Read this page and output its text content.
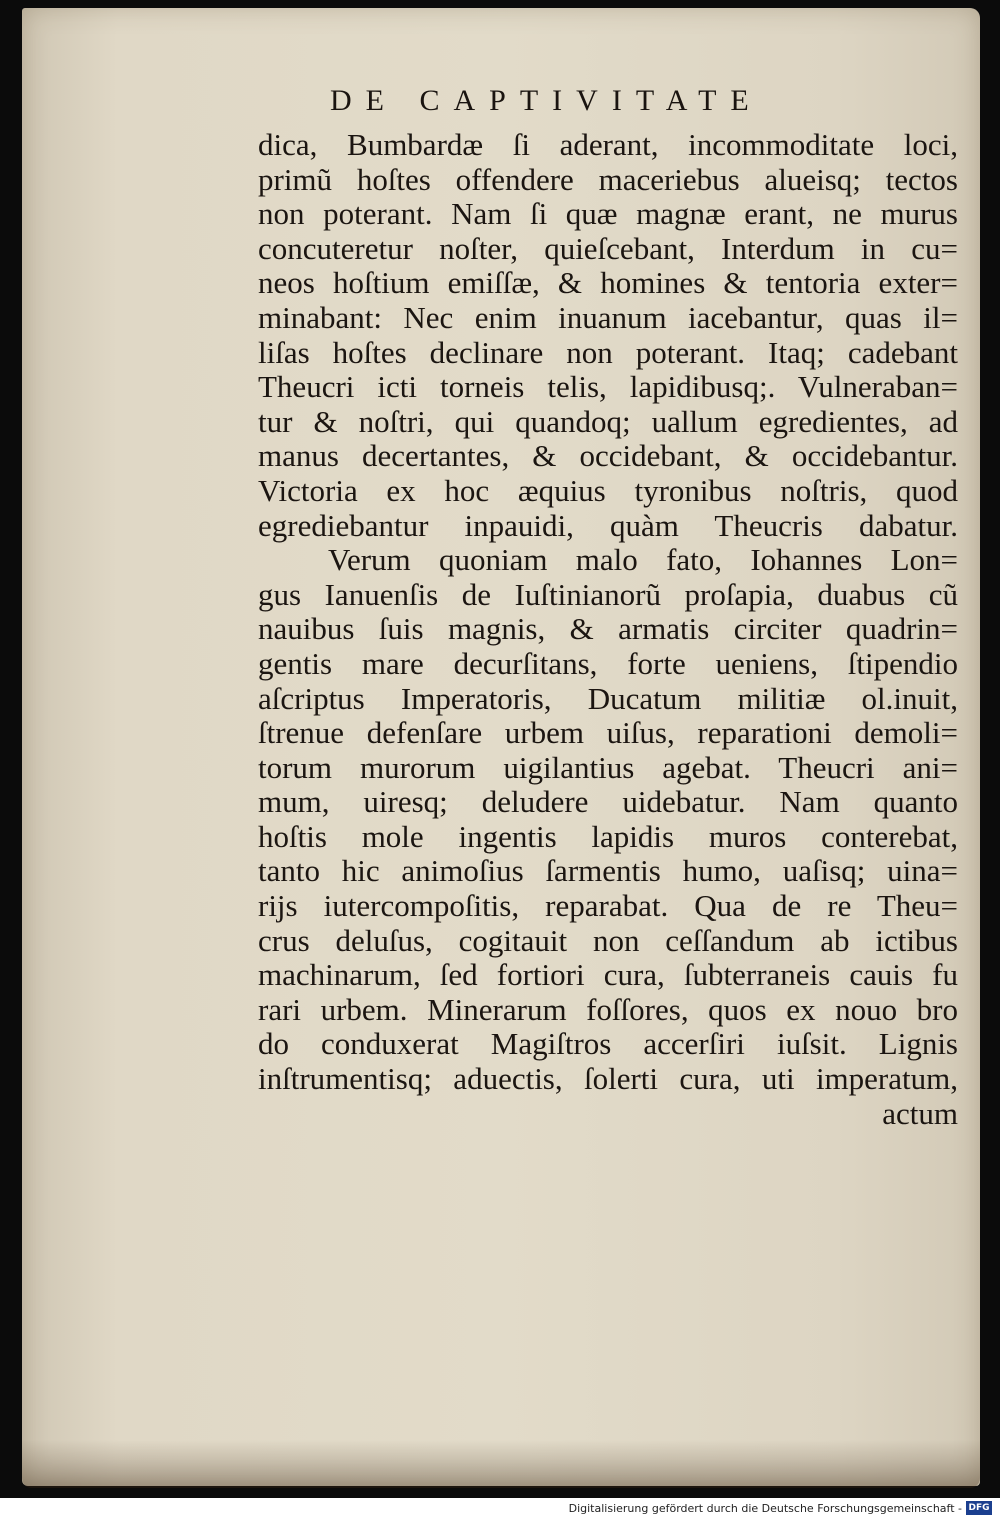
DE CAPTIVITATE
dica, Bumbardæ ſi aderant, incommoditate loci,
primũ hoſtes offendere maceriebus alueisq; tectos
non poterant. Nam ſi quæ magnæ erant, ne murus
concuteretur noſter, quieſcebant, Interdum in cu=
neos hoſtium emiſſæ, & homines & tentoria exter=
minabant: Nec enim inuanum iacebantur, quas il=
liſas hoſtes declinare non poterant. Itaq; cadebant
Theucri icti torneis telis, lapidibusq;. Vulneraban=
tur & noſtri, qui quandoq; uallum egredientes, ad
manus decertantes, & occidebant, & occidebantur.
Victoria ex hoc æquius tyronibus noſtris, quod
egrediebantur inpauidi, quàm Theucris dabatur.
Verum quoniam malo fato, Iohannes Lon=
gus Ianuenſis de Iuſtinianorũ proſapia, duabus cũ
nauibus ſuis magnis, & armatis circiter quadrin=
gentis mare decurſitans, forte ueniens, ſtipendio
aſcriptus Imperatoris, Ducatum militiæ ol.inuit,
ſtrenue defenſare urbem uiſus, reparationi demoli=
torum murorum uigilantius agebat. Theucri ani=
mum, uiresq; deludere uidebatur. Nam quanto
hoſtis mole ingentis lapidis muros conterebat,
tanto hic animoſius ſarmentis humo, uaſisq; uina=
rijs iutercompoſitis, reparabat. Qua de re Theu=
crus deluſus, cogitauit non ceſſandum ab ictibus
machinarum, ſed fortiori cura, ſubterraneis cauis fu
rari urbem. Minerarum foſſores, quos ex nouo bro
do conduxerat Magiſtros accerſiri iuſsit. Lignis
inſtrumentisq; aduectis, ſolerti cura, uti imperatum,
actum
Digitalisierung gefördert durch die Deutsche Forschungsgemeinschaft - DFG
